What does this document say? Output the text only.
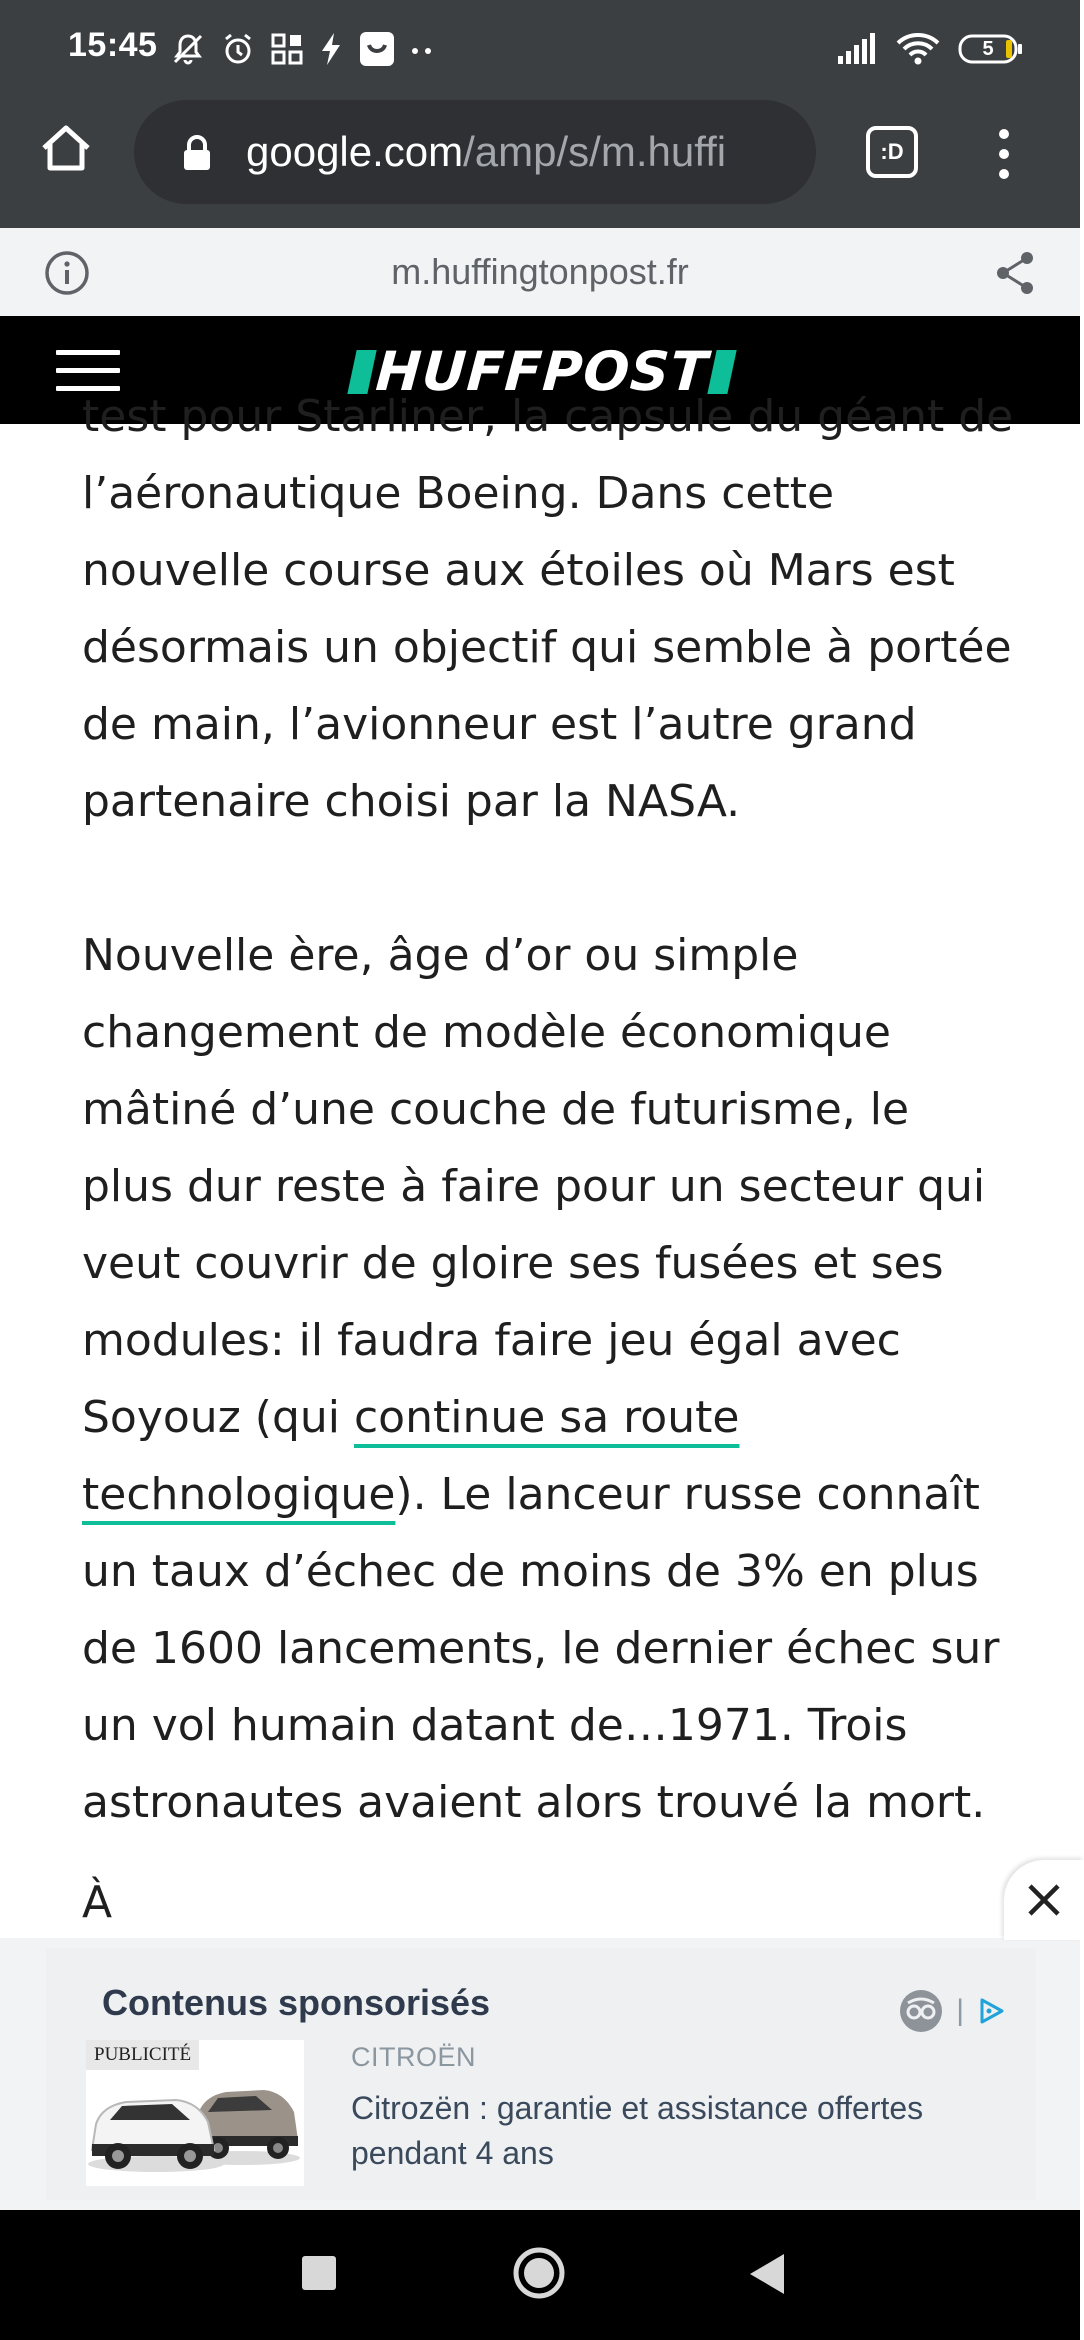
15:45	5
google.com/amp/s/m.huffi	:D
m.huffingtonpost.fr
HUFFPOST
test pour Starliner, la capsule du géant de

l’aéronautique Boeing. Dans cette nouvelle course aux étoiles où Mars est désormais un objectif qui semble à portée de main, l’avionneur est l’autre grand partenaire choisi par la NASA.

Nouvelle ère, âge d’or ou simple changement de modèle économique mâtiné d’une couche de futurisme, le plus dur reste à faire pour un secteur qui veut couvrir de gloire ses fusées et ses modules: il faudra faire jeu égal avec Soyouz (qui continue sa route technologique). Le lanceur russe connaît un taux d’échec de moins de 3% en plus de 1600 lancements, le dernier échec sur un vol humain datant de…1971. Trois astronautes avaient alors trouvé la mort.

À
Contenus sponsorisés	|
PUBLICITÉ	CITROËN
Citrozën : garantie et assistance offertes pendant 4 ans
